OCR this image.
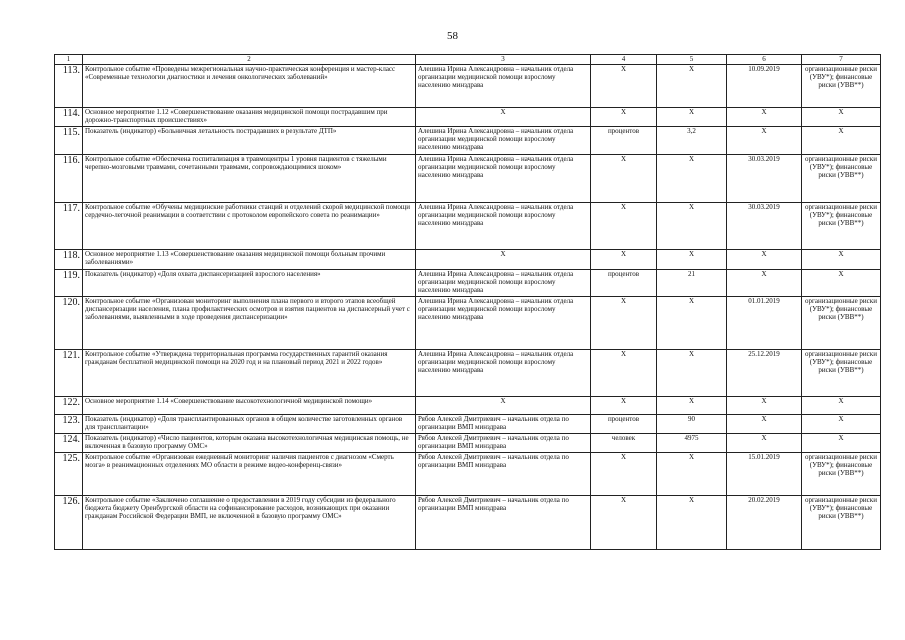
58
1	2	3	4	5	6	7
113.	Контрольное событие «Проведены межрегиональная научно-практическая конференция и мастер-класс «Современные технологии диагностики и лечения онкологических заболеваний»	Алешина Ирина Александровна – начальник отдела организации медицинской помощи взрослому населению минздрава	X	X	10.09.2019	организационные риски (УВУ*); финансовые риски (УВВ**)
114.	Основное мероприятие 1.12 «Совершенствование оказания медицинской помощи пострадавшим при дорожно-транспортных происшествиях»	X	X	X	X	X
115.	Показатель (индикатор) «Больничная летальность пострадавших в результате ДТП»	Алешина Ирина Александровна – начальник отдела организации медицинской помощи взрослому населению минздрава	процентов	3,2	X	X
116.	Контрольное событие «Обеспечена госпитализация в травмоцентры 1 уровня пациентов с тяжелыми черепно-мозговыми травмами, сочетанными травмами, сопровождающимися шоком»	Алешина Ирина Александровна – начальник отдела организации медицинской помощи взрослому населению минздрава	X	X	30.03.2019	организационные риски (УВУ*); финансовые риски (УВВ**)
117.	Контрольное событие «Обучены медицинские работники станций и отделений скорой медицинской помощи сердечно-легочной реанимации в соответствии с протоколом европейского совета по реанимации»	Алешина Ирина Александровна – начальник отдела организации медицинской помощи взрослому населению минздрава	X	X	30.03.2019	организационные риски (УВУ*); финансовые риски (УВВ**)
118.	Основное мероприятие 1.13 «Совершенствование оказания медицинской помощи больным прочими заболеваниями»	X	X	X	X	X
119.	Показатель (индикатор) «Доля охвата диспансеризацией взрослого населения»	Алешина Ирина Александровна – начальник отдела организации медицинской помощи взрослому населению минздрава	процентов	21	X	X
120.	Контрольное событие «Организован мониторинг выполнения плана первого и второго этапов всеобщей диспансеризации населения, плана профилактических осмотров и взятия пациентов на диспансерный учет с заболеваниями, выявленными в ходе проведения диспансеризации»	Алешина Ирина Александровна – начальник отдела организации медицинской помощи взрослому населению минздрава	X	X	01.01.2019	организационные риски (УВУ*); финансовые риски (УВВ**)
121.	Контрольное событие «Утверждена территориальная программа государственных гарантий оказания гражданам бесплатной медицинской помощи на 2020 год и на плановый период 2021 и 2022 годов»	Алешина Ирина Александровна – начальник отдела организации медицинской помощи взрослому населению минздрава	X	X	25.12.2019	организационные риски (УВУ*); финансовые риски (УВВ**)
122.	Основное мероприятие 1.14 «Совершенствование высокотехнологичной медицинской помощи»	X	X	X	X	X
123.	Показатель (индикатор) «Доля трансплантированных органов в общем количестве заготовленных органов для трансплантации»	Рябов Алексей Дмитриевич – начальник отдела по организации ВМП минздрава	процентов	90	X	X
124.	Показатель (индикатор) «Число пациентов, которым оказана высокотехнологичная медицинская помощь, не включенная в базовую программу ОМС»	Рябов Алексей Дмитриевич – начальник отдела по организации ВМП минздрава	человек	4975	X	X
125.	Контрольное событие «Организован ежедневный мониторинг наличия пациентов с диагнозом «Смерть мозга» в реанимационных отделениях МО области в режиме видео-конференц-связи»	Рябов Алексей Дмитриевич – начальник отдела по организации ВМП минздрава	X	X	15.01.2019	организационные риски (УВУ*); финансовые риски (УВВ**)
126.	Контрольное событие «Заключено соглашение о предоставлении в 2019 году субсидии из федерального бюджета бюджету Оренбургской области на софинансирование расходов, возникающих при оказании гражданам Российской Федерации ВМП, не включенной в базовую программу ОМС»	Рябов Алексей Дмитриевич – начальник отдела по организации ВМП минздрава	X	X	20.02.2019	организационные риски (УВУ*); финансовые риски (УВВ**)
